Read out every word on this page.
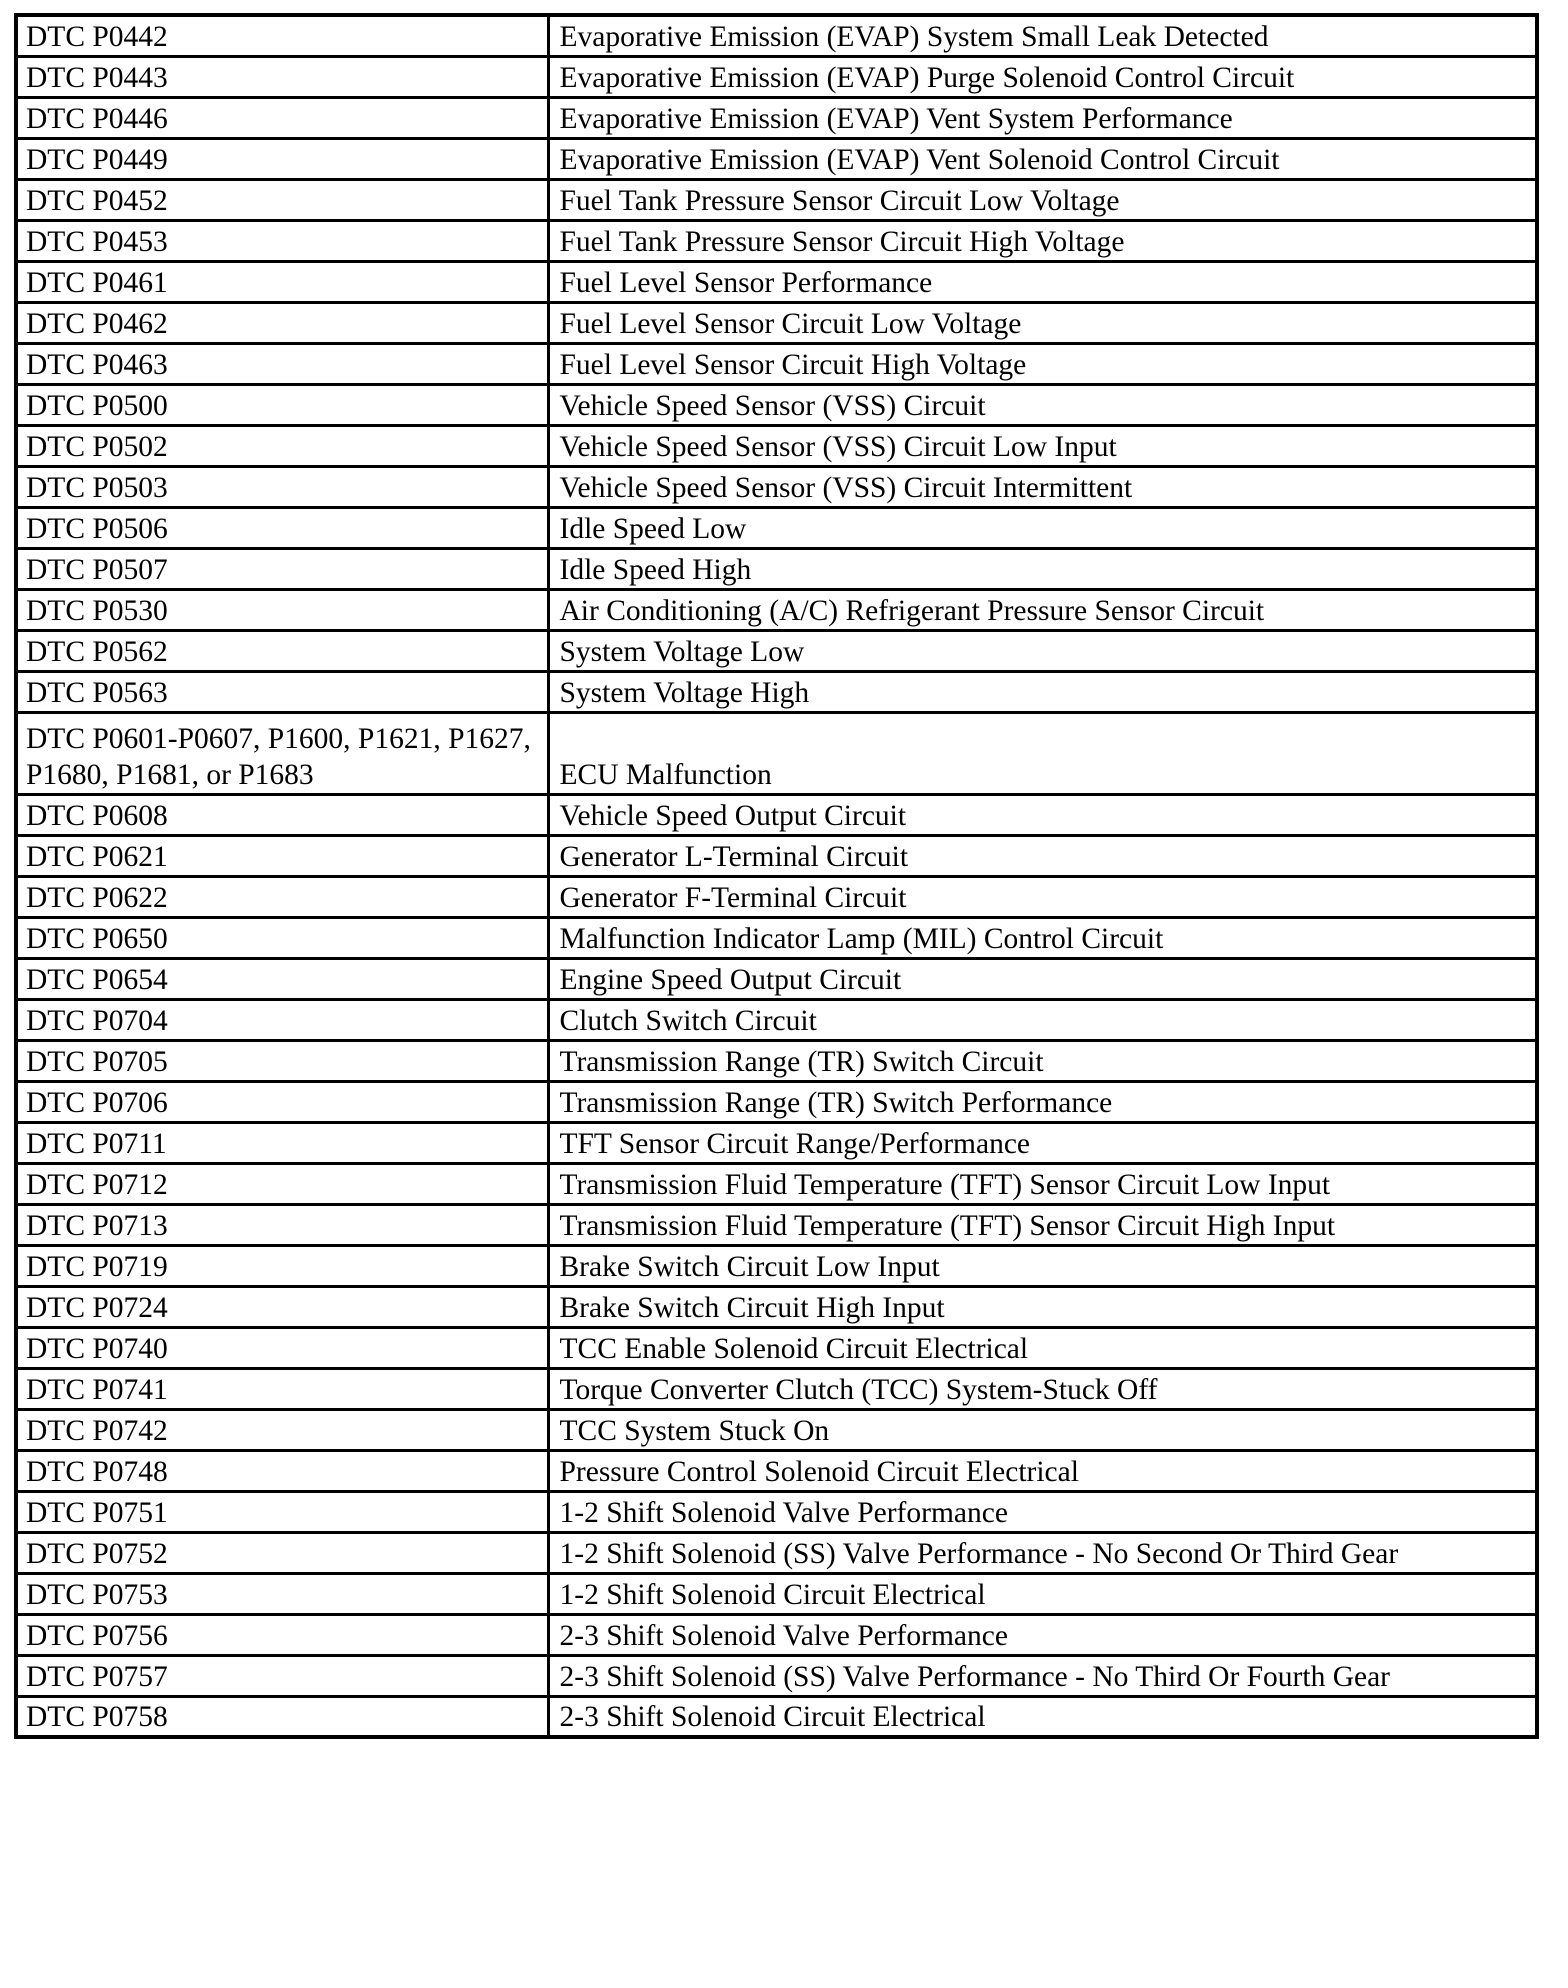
DTC P0442	Evaporative Emission (EVAP) System Small Leak Detected
DTC P0443	Evaporative Emission (EVAP) Purge Solenoid Control Circuit
DTC P0446	Evaporative Emission (EVAP) Vent System Performance
DTC P0449	Evaporative Emission (EVAP) Vent Solenoid Control Circuit
DTC P0452	Fuel Tank Pressure Sensor Circuit Low Voltage
DTC P0453	Fuel Tank Pressure Sensor Circuit High Voltage
DTC P0461	Fuel Level Sensor Performance
DTC P0462	Fuel Level Sensor Circuit Low Voltage
DTC P0463	Fuel Level Sensor Circuit High Voltage
DTC P0500	Vehicle Speed Sensor (VSS) Circuit
DTC P0502	Vehicle Speed Sensor (VSS) Circuit Low Input
DTC P0503	Vehicle Speed Sensor (VSS) Circuit Intermittent
DTC P0506	Idle Speed Low
DTC P0507	Idle Speed High
DTC P0530	Air Conditioning (A/C) Refrigerant Pressure Sensor Circuit
DTC P0562	System Voltage Low
DTC P0563	System Voltage High
DTC P0601-P0607, P1600, P1621, P1627, P1680, P1681, or P1683	ECU Malfunction
DTC P0608	Vehicle Speed Output Circuit
DTC P0621	Generator L-Terminal Circuit
DTC P0622	Generator F-Terminal Circuit
DTC P0650	Malfunction Indicator Lamp (MIL) Control Circuit
DTC P0654	Engine Speed Output Circuit
DTC P0704	Clutch Switch Circuit
DTC P0705	Transmission Range (TR) Switch Circuit
DTC P0706	Transmission Range (TR) Switch Performance
DTC P0711	TFT Sensor Circuit Range/Performance
DTC P0712	Transmission Fluid Temperature (TFT) Sensor Circuit Low Input
DTC P0713	Transmission Fluid Temperature (TFT) Sensor Circuit High Input
DTC P0719	Brake Switch Circuit Low Input
DTC P0724	Brake Switch Circuit High Input
DTC P0740	TCC Enable Solenoid Circuit Electrical
DTC P0741	Torque Converter Clutch (TCC) System-Stuck Off
DTC P0742	TCC System Stuck On
DTC P0748	Pressure Control Solenoid Circuit Electrical
DTC P0751	1-2 Shift Solenoid Valve Performance
DTC P0752	1-2 Shift Solenoid (SS) Valve Performance - No Second Or Third Gear
DTC P0753	1-2 Shift Solenoid Circuit Electrical
DTC P0756	2-3 Shift Solenoid Valve Performance
DTC P0757	2-3 Shift Solenoid (SS) Valve Performance - No Third Or Fourth Gear
DTC P0758	2-3 Shift Solenoid Circuit Electrical
